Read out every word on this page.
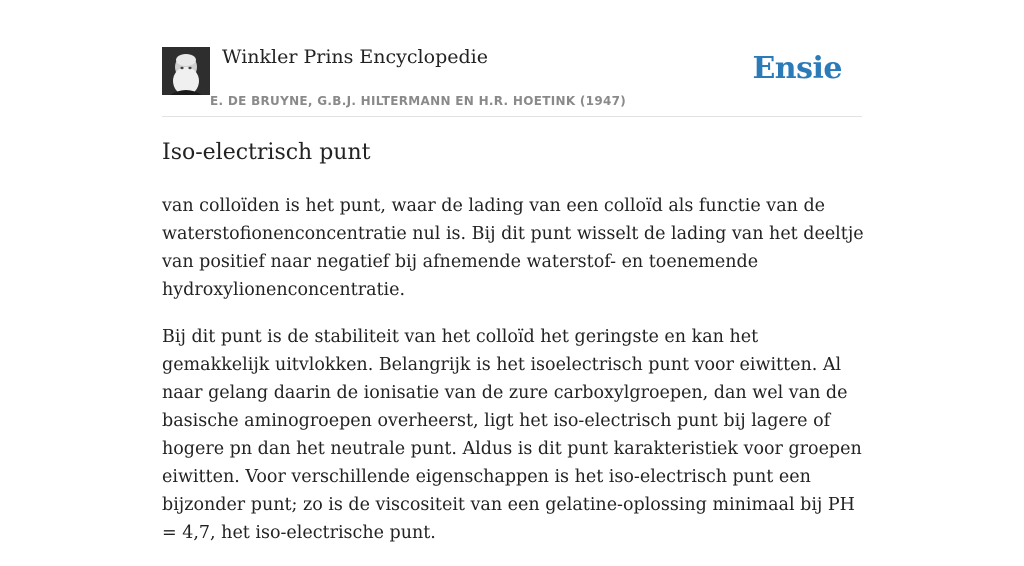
Winkler Prins Encyclopedie
E. DE BRUYNE, G.B.J. HILTERMANN EN H.R. HOETINK (1947)
Ensie
Iso-electrisch punt

van colloïden is het punt, waar de lading van een colloïd als functie van de waterstofionenconcentratie nul is. Bij dit punt wisselt de lading van het deeltje van positief naar negatief bij afnemende waterstof- en toenemende hydroxylionenconcentratie.

Bij dit punt is de stabiliteit van het colloïd het geringste en kan het gemakkelijk uitvlokken. Belangrijk is het isoelectrisch punt voor eiwitten. Al naar gelang daarin de ionisatie van de zure carboxylgroepen, dan wel van de basische aminogroepen overheerst, ligt het iso-electrisch punt bij lagere of hogere pn dan het neutrale punt. Aldus is dit punt karakteristiek voor groepen eiwitten. Voor verschillende eigenschappen is het iso-electrisch punt een bijzonder punt; zo is de viscositeit van een gelatine-oplossing minimaal bij PH = 4,7, het iso-electrische punt.
